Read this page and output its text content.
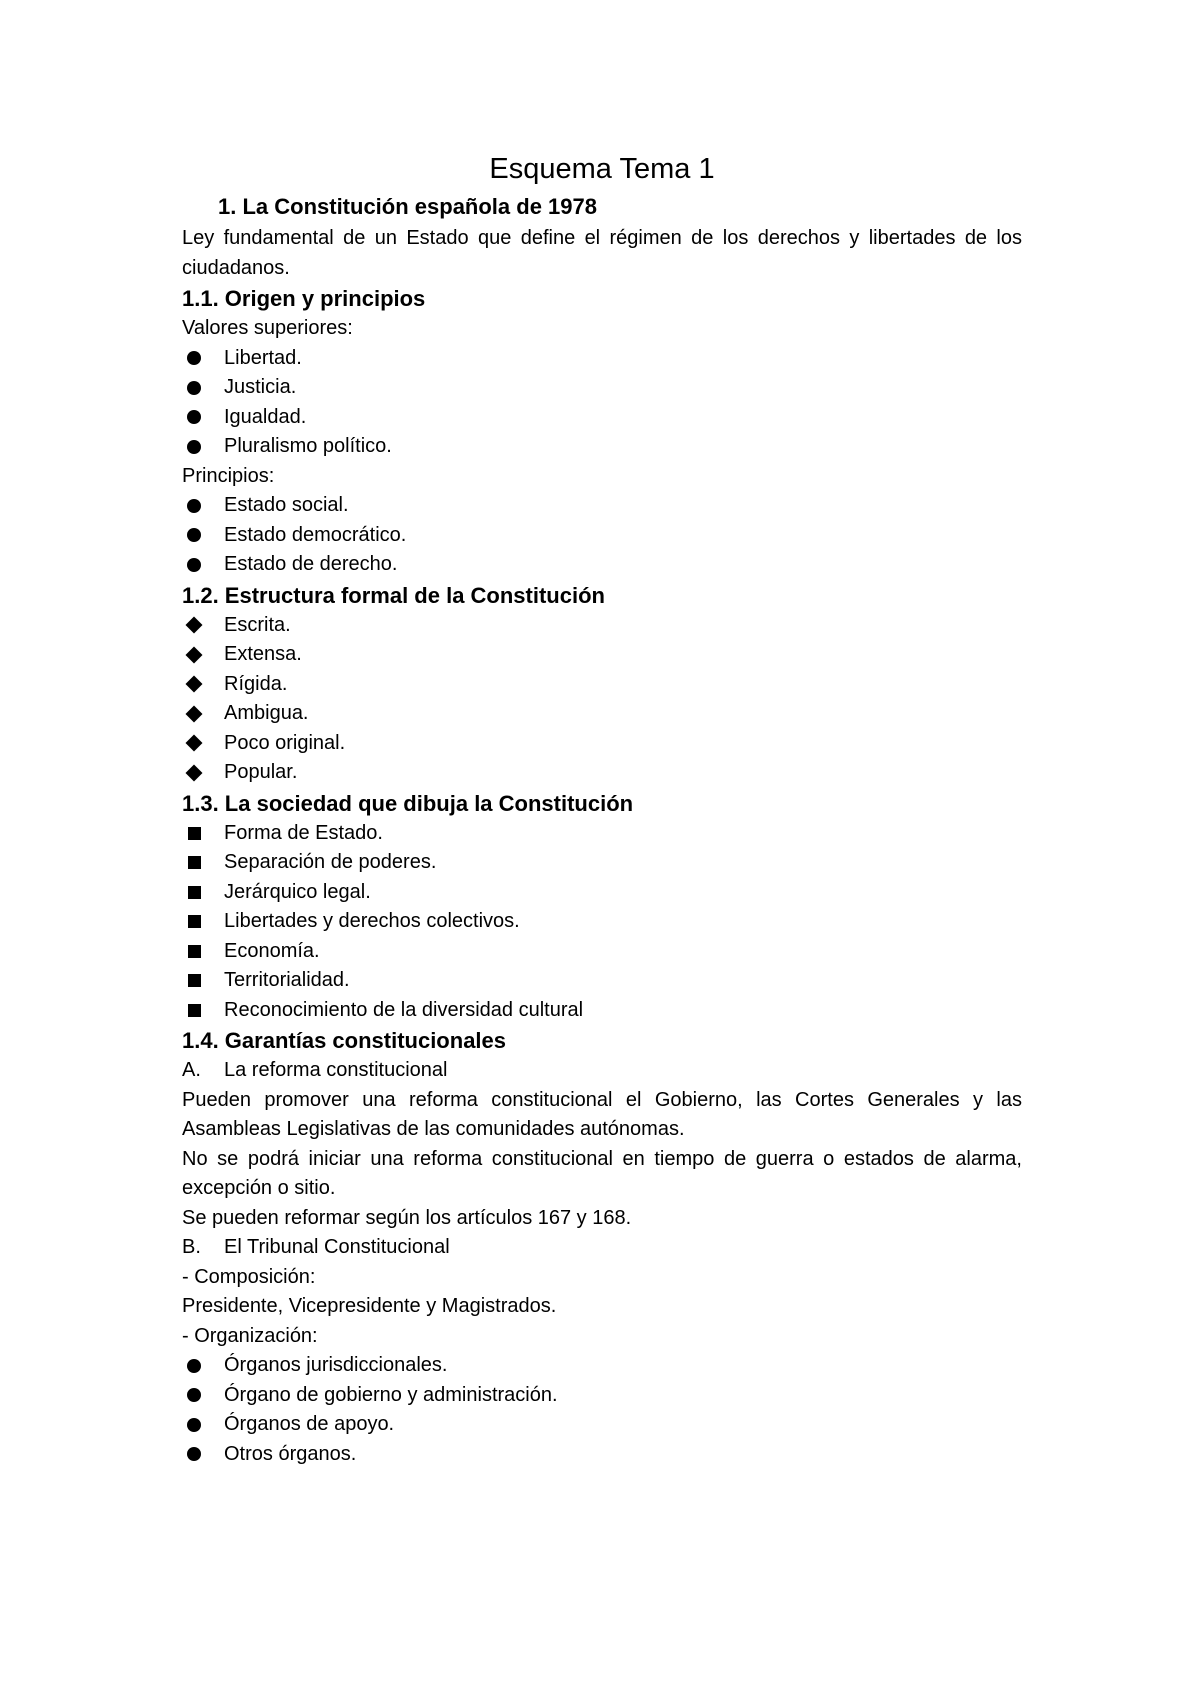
Esquema Tema 1
1. La Constitución española de 1978

Ley fundamental de un Estado que define el régimen de los derechos y libertades de los ciudadanos.

1.1. Origen y principios

Valores superiores:

Libertad.
Justicia.
Igualdad.
Pluralismo político.

Principios:

Estado social.
Estado democrático.
Estado de derecho.
1.2. Estructura formal de la Constitución
Escrita.
Extensa.
Rígida.
Ambigua.
Poco original.
Popular.
1.3. La sociedad que dibuja la Constitución
Forma de Estado.
Separación de poderes.
Jerárquico legal.
Libertades y derechos colectivos.
Economía.
Territorialidad.
Reconocimiento de la diversidad cultural
1.4. Garantías constitucionales

A. La reforma constitucional

Pueden promover una reforma constitucional el Gobierno, las Cortes Generales y las Asambleas Legislativas de las comunidades autónomas.

No se podrá iniciar una reforma constitucional en tiempo de guerra o estados de alarma, excepción o sitio.

Se pueden reformar según los artículos 167 y 168.

B. El Tribunal Constitucional

- Composición:

Presidente, Vicepresidente y Magistrados.

- Organización:

Órganos jurisdiccionales.
Órgano de gobierno y administración.
Órganos de apoyo.
Otros órganos.
